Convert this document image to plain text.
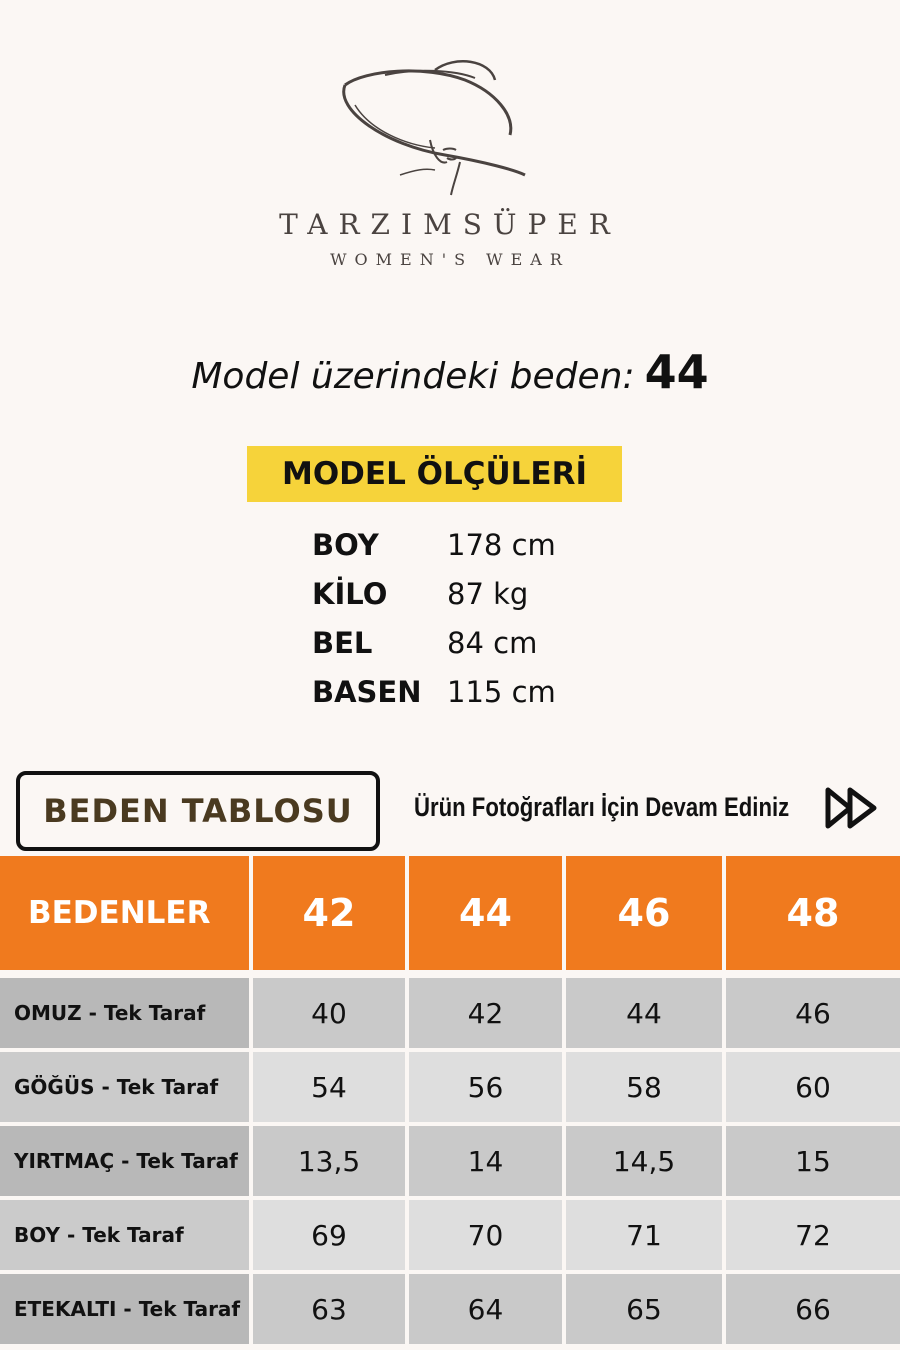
TARZIMSÜPER
WOMEN'S WEAR
Model üzerindeki beden: 44
MODEL ÖLÇÜLERİ
BOY	178 cm
KİLO	87 kg
BEL	84 cm
BASEN 115 cm
BEDEN TABLOSU	Ürün Fotoğrafları İçin Devam Ediniz
BEDENLER	42	44	46	48
OMUZ - Tek Taraf	40	42	44	46
GÖĞÜS - Tek Taraf	54	56	58	60
YIRTMAÇ - Tek Taraf	13,5	14	14,5	15
BOY - Tek Taraf	69	70	71	72
ETEKALTI - Tek Taraf	63	64	65	66
